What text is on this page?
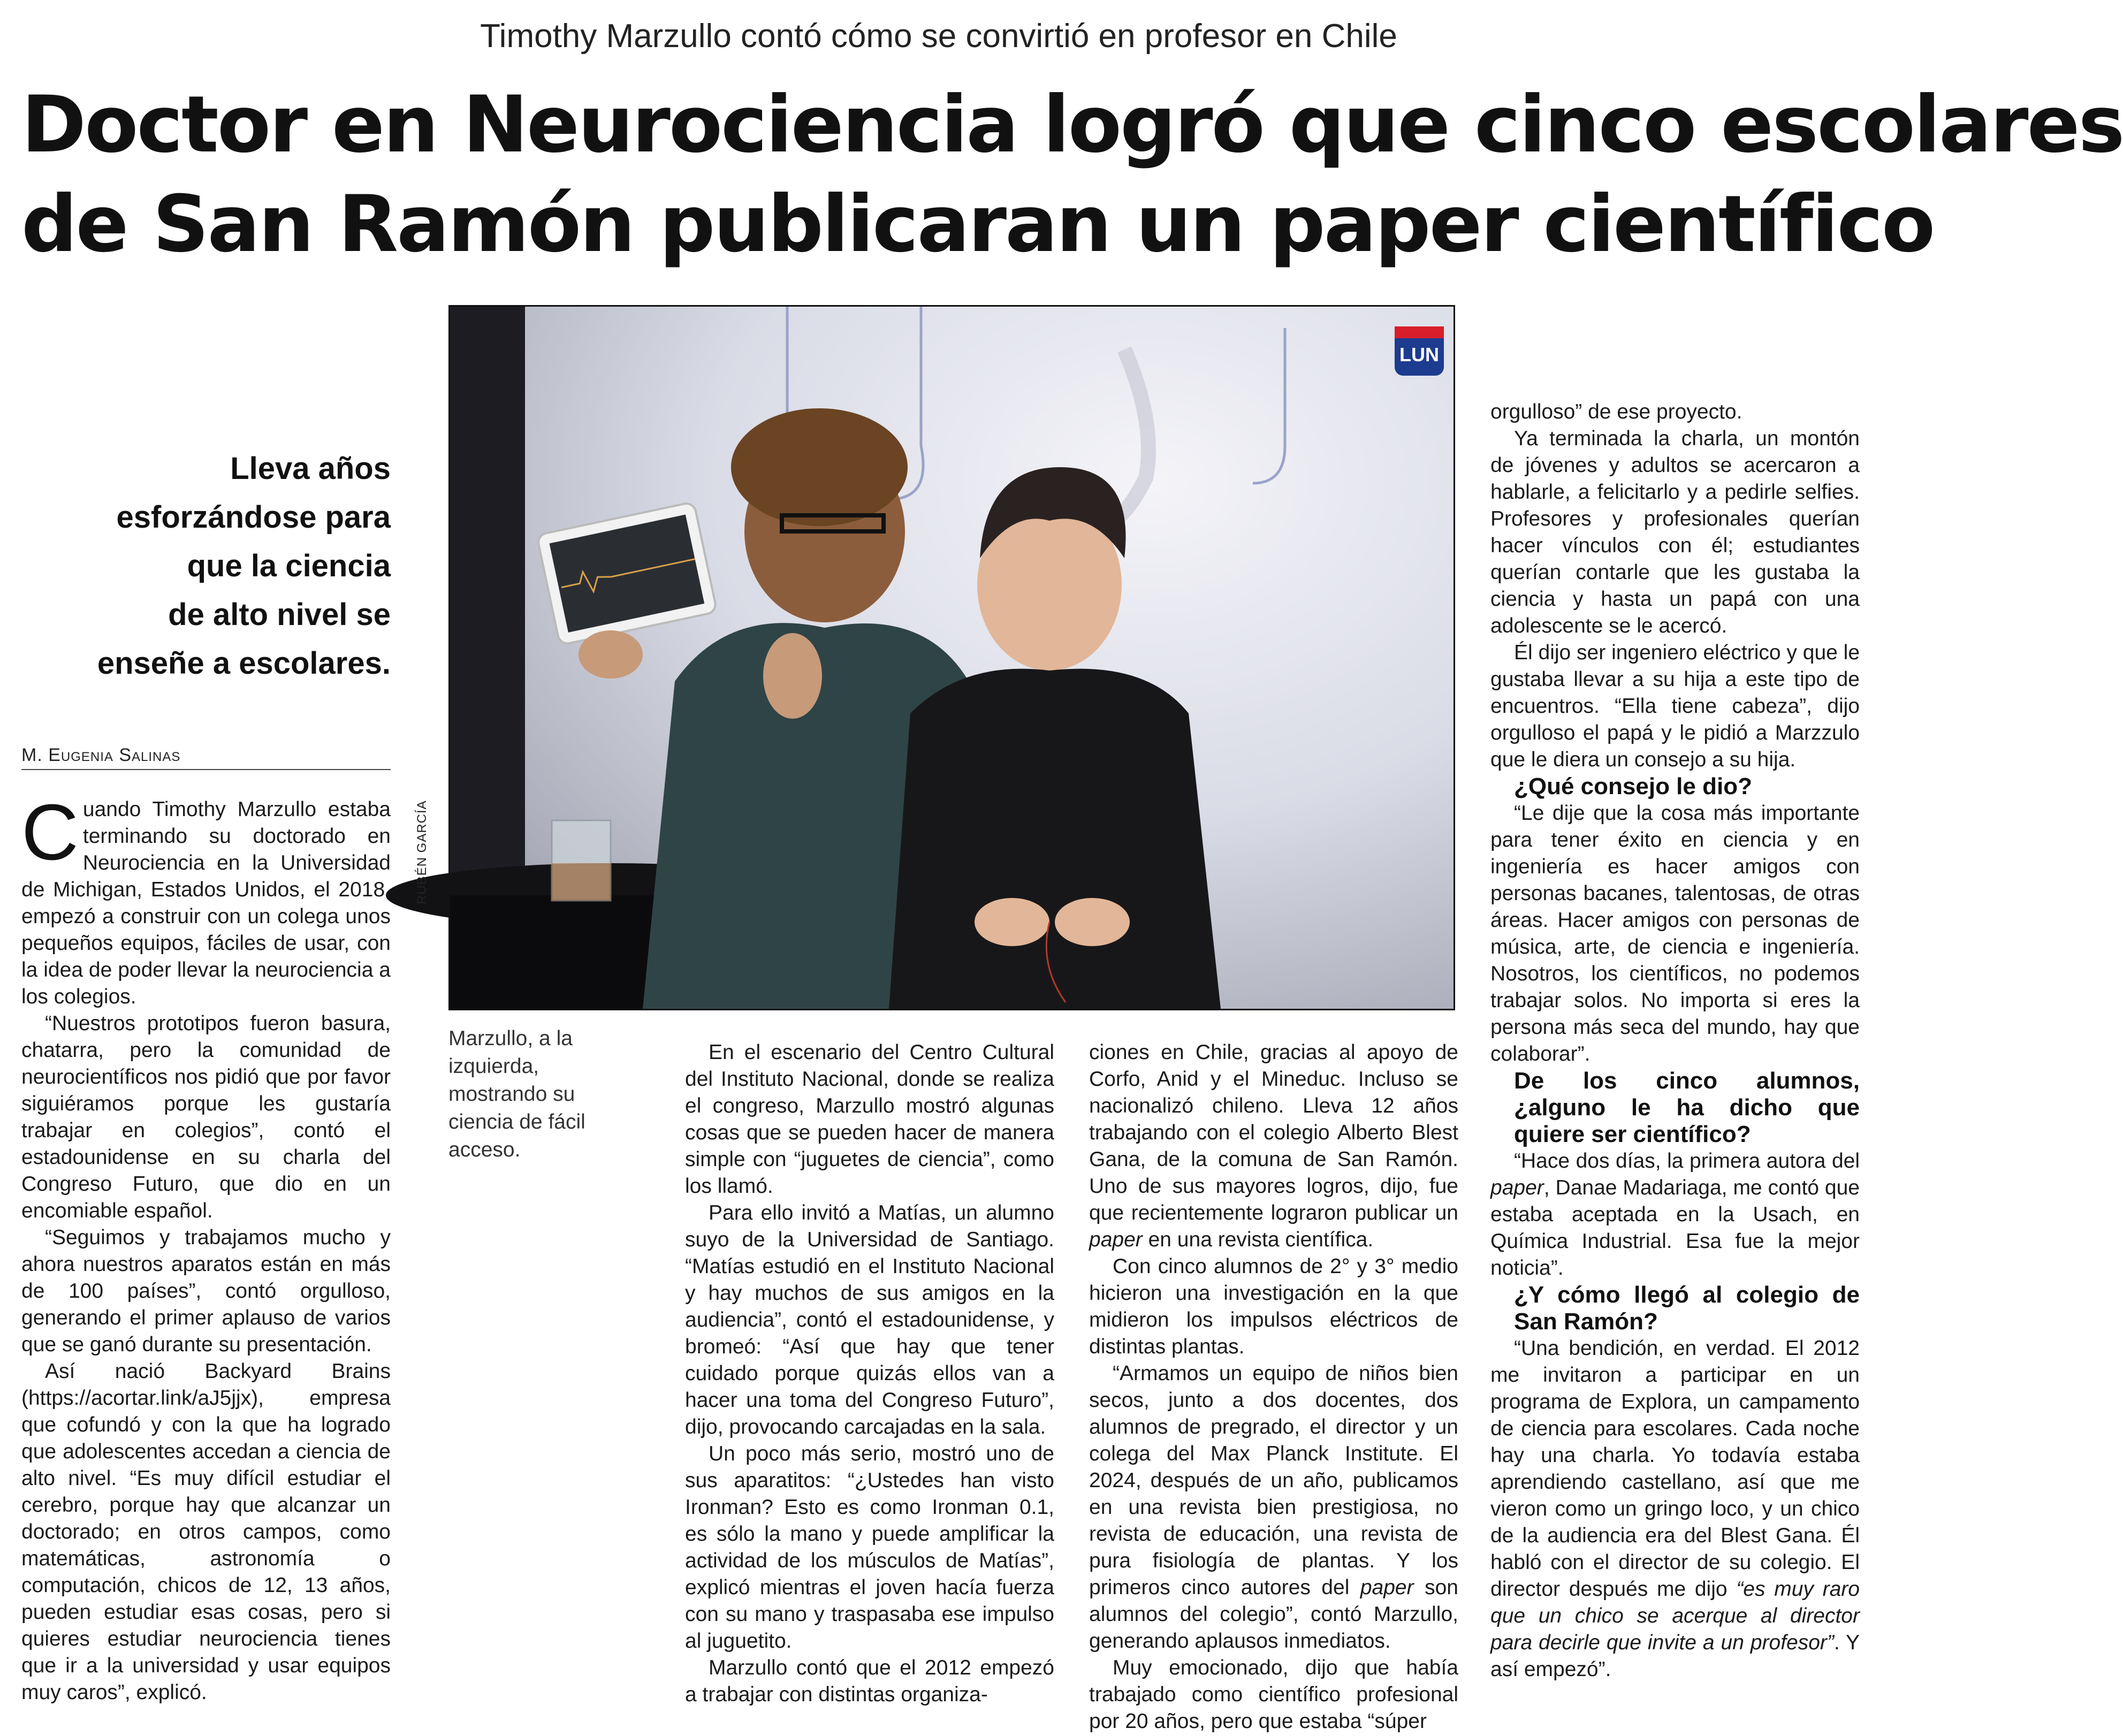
Timothy Marzullo contó cómo se convirtió en profesor en Chile
Doctor en Neurociencia logró que cinco escolares
de San Ramón publicaran un paper científico
LUN
RUBÉN GARCÍA
Lleva años
esforzándose para
que la ciencia
de alto nivel se
enseñe a escolares.
M. Eugenia Salinas

Cuando Timothy Marzullo estaba terminando su doctorado en Neurociencia en la Universidad de Michigan, Estados Unidos, el 2018, empezó a construir con un colega unos pequeños equipos, fáciles de usar, con la idea de poder llevar la neurociencia a los colegios.

“Nuestros prototipos fueron basura, chatarra, pero la comunidad de neurocientíficos nos pidió que por favor siguiéramos porque les gustaría trabajar en colegios”, contó el estadounidense en su charla del Congreso Futuro, que dio en un encomiable español.

“Seguimos y trabajamos mucho y ahora nuestros aparatos están en más de 100 países”, contó orgulloso, generando el primer aplauso de varios que se ganó durante su presentación.

Así nació Backyard Brains (https://acortar.link/aJ5jjx), empresa que cofundó y con la que ha logrado que adolescentes accedan a ciencia de alto nivel. “Es muy difícil estudiar el cerebro, porque hay que alcanzar un doctorado; en otros campos, como matemáticas, astronomía o computación, chicos de 12, 13 años, pueden estudiar esas cosas, pero si quieres estudiar neurociencia tienes que ir a la universidad y usar equipos muy caros”, explicó.

Marzullo, a la izquierda, mostrando su ciencia de fácil acceso.

En el escenario del Centro Cultural del Instituto Nacional, donde se realiza el congreso, Marzullo mostró algunas cosas que se pueden hacer de manera simple con “juguetes de ciencia”, como los llamó.

Para ello invitó a Matías, un alumno suyo de la Universidad de Santiago. “Matías estudió en el Instituto Nacional y hay muchos de sus amigos en la audiencia”, contó el estadounidense, y bromeó: “Así que hay que tener cuidado porque quizás ellos van a hacer una toma del Congreso Futuro”, dijo, provocando carcajadas en la sala.

Un poco más serio, mostró uno de sus aparatitos: “¿Ustedes han visto Ironman? Esto es como Ironman 0.1, es sólo la mano y puede amplificar la actividad de los músculos de Matías”, explicó mientras el joven hacía fuerza con su mano y traspasaba ese impulso al juguetito.

Marzullo contó que el 2012 empezó a trabajar con distintas organiza-

ciones en Chile, gracias al apoyo de Corfo, Anid y el Mineduc. Incluso se nacionalizó chileno. Lleva 12 años trabajando con el colegio Alberto Blest Gana, de la comuna de San Ramón. Uno de sus mayores logros, dijo, fue que recientemente lograron publicar un paper en una revista científica.

Con cinco alumnos de 2° y 3° medio hicieron una investigación en la que midieron los impulsos eléctricos de distintas plantas.

“Armamos un equipo de niños bien secos, junto a dos docentes, dos alumnos de pregrado, el director y un colega del Max Planck Institute. El 2024, después de un año, publicamos en una revista bien prestigiosa, no revista de educación, una revista de pura fisiología de plantas. Y los primeros cinco autores del paper son alumnos del colegio”, contó Marzullo, generando aplausos inmediatos.

Muy emocionado, dijo que había trabajado como científico profesional por 20 años, pero que estaba “súper

orgulloso” de ese proyecto.

Ya terminada la charla, un montón de jóvenes y adultos se acercaron a hablarle, a felicitarlo y a pedirle selfies. Profesores y profesionales querían hacer vínculos con él; estudiantes querían contarle que les gustaba la ciencia y hasta un papá con una adolescente se le acercó.

Él dijo ser ingeniero eléctrico y que le gustaba llevar a su hija a este tipo de encuentros. “Ella tiene cabeza”, dijo orgulloso el papá y le pidió a Marzzulo que le diera un consejo a su hija.

¿Qué consejo le dio?

“Le dije que la cosa más importante para tener éxito en ciencia y en ingeniería es hacer amigos con personas bacanes, talentosas, de otras áreas. Hacer amigos con personas de música, arte, de ciencia e ingeniería. Nosotros, los científicos, no podemos trabajar solos. No importa si eres la persona más seca del mundo, hay que colaborar”.

De los cinco alumnos, ¿alguno le ha dicho que quiere ser científico?

“Hace dos días, la primera autora del paper, Danae Madariaga, me contó que estaba aceptada en la Usach, en Química Industrial. Esa fue la mejor noticia”.

¿Y cómo llegó al colegio de San Ramón?

“Una bendición, en verdad. El 2012 me invitaron a participar en un programa de Explora, un campamento de ciencia para escolares. Cada noche hay una charla. Yo todavía estaba aprendiendo castellano, así que me vieron como un gringo loco, y un chico de la audiencia era del Blest Gana. Él habló con el director de su colegio. El director después me dijo “es muy raro que un chico se acerque al director para decirle que invite a un profesor”. Y así empezó”.
